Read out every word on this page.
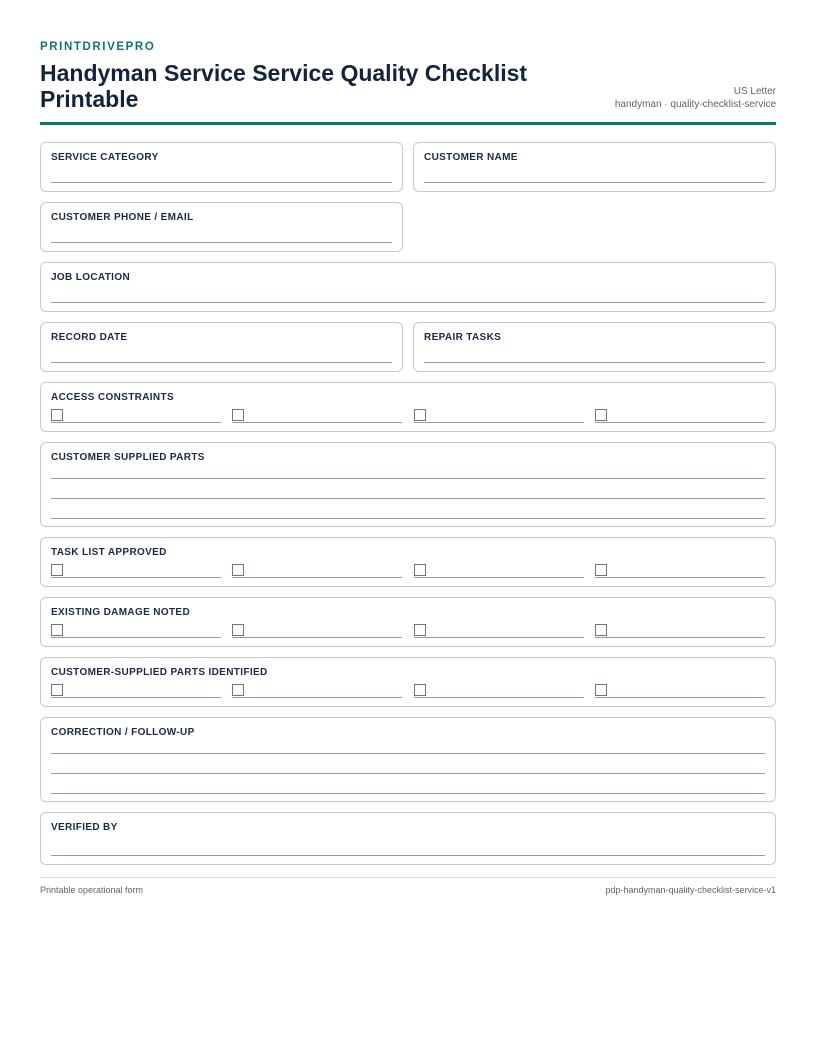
PRINTDRIVEPRO
Handyman Service Service Quality Checklist Printable	US Letter
handyman · quality-checklist-service
SERVICE CATEGORY	CUSTOMER NAME
CUSTOMER PHONE / EMAIL
JOB LOCATION
RECORD DATE	REPAIR TASKS
ACCESS CONSTRAINTS
CUSTOMER SUPPLIED PARTS
TASK LIST APPROVED
EXISTING DAMAGE NOTED
CUSTOMER-SUPPLIED PARTS IDENTIFIED
CORRECTION / FOLLOW-UP
VERIFIED BY
Printable operational form	pdp-handyman-quality-checklist-service-v1
